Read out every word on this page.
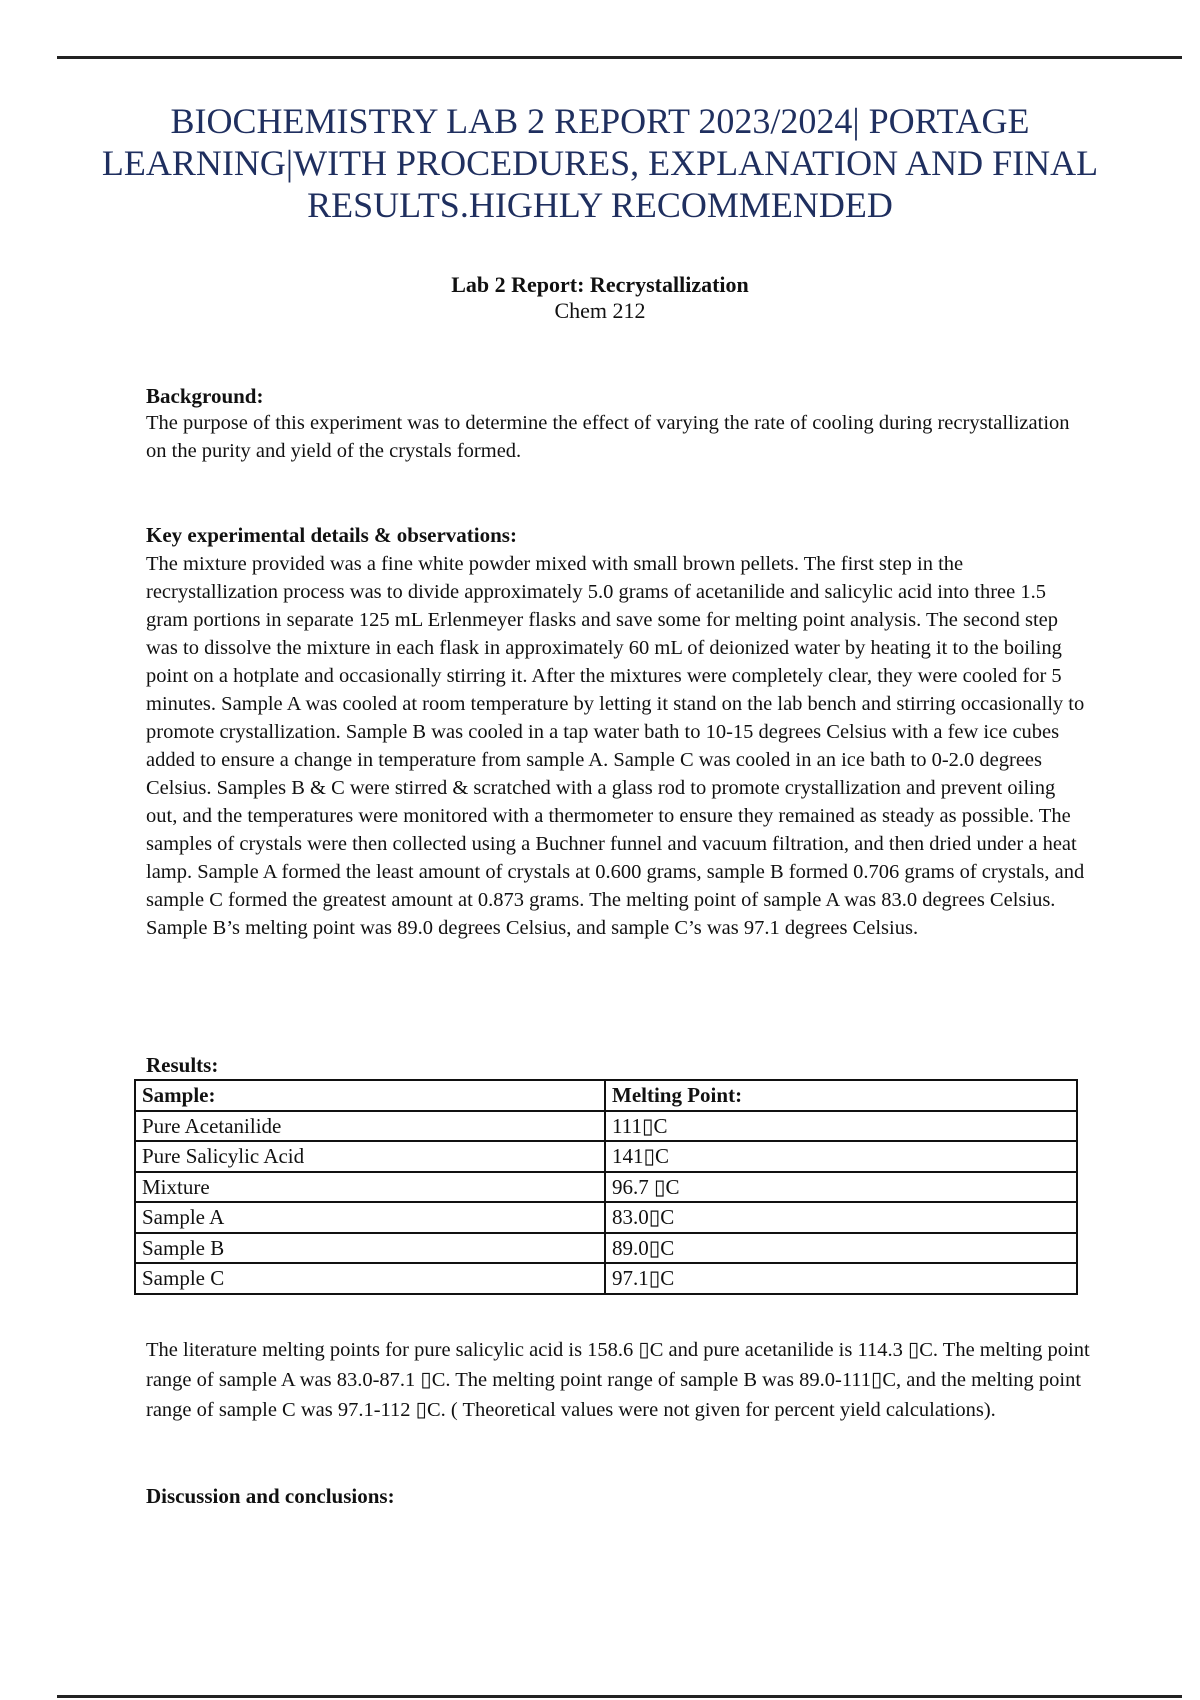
BIOCHEMISTRY LAB 2 REPORT 2023/2024| PORTAGE LEARNING|WITH PROCEDURES, EXPLANATION AND FINAL RESULTS.HIGHLY RECOMMENDED
Lab 2 Report: Recrystallization
Chem 212
Background:
The purpose of this experiment was to determine the effect of varying the rate of cooling during recrystallization on the purity and yield of the crystals formed.
Key experimental details & observations:
The mixture provided was a fine white powder mixed with small brown pellets. The first step in the recrystallization process was to divide approximately 5.0 grams of acetanilide and salicylic acid into three 1.5 gram portions in separate 125 mL Erlenmeyer flasks and save some for melting point analysis. The second step was to dissolve the mixture in each flask in approximately 60 mL of deionized water by heating it to the boiling point on a hotplate and occasionally stirring it. After the mixtures were completely clear, they were cooled for 5 minutes. Sample A was cooled at room temperature by letting it stand on the lab bench and stirring occasionally to promote crystallization. Sample B was cooled in a tap water bath to 10-15 degrees Celsius with a few ice cubes added to ensure a change in temperature from sample A. Sample C was cooled in an ice bath to 0-2.0 degrees Celsius. Samples B & C were stirred & scratched with a glass rod to promote crystallization and prevent oiling out, and the temperatures were monitored with a thermometer to ensure they remained as steady as possible. The samples of crystals were then collected using a Buchner funnel and vacuum filtration, and then dried under a heat lamp. Sample A formed the least amount of crystals at 0.600 grams, sample B formed 0.706 grams of crystals, and sample C formed the greatest amount at 0.873 grams. The melting point of sample A was 83.0 degrees Celsius. Sample B’s melting point was 89.0 degrees Celsius, and sample C’s was 97.1 degrees Celsius.
Results:
Sample:	Melting Point:
Pure Acetanilide	111▯C
Pure Salicylic Acid	141▯C
Mixture	96.7 ▯C
Sample A	83.0▯C
Sample B	89.0▯C
Sample C	97.1▯C
The literature melting points for pure salicylic acid is 158.6 ▯C and pure acetanilide is 114.3 ▯C. The melting point range of sample A was 83.0-87.1 ▯C. The melting point range of sample B was 89.0-111▯C, and the melting point range of sample C was 97.1-112 ▯C. ( Theoretical values were not given for percent yield calculations).
Discussion and conclusions:
